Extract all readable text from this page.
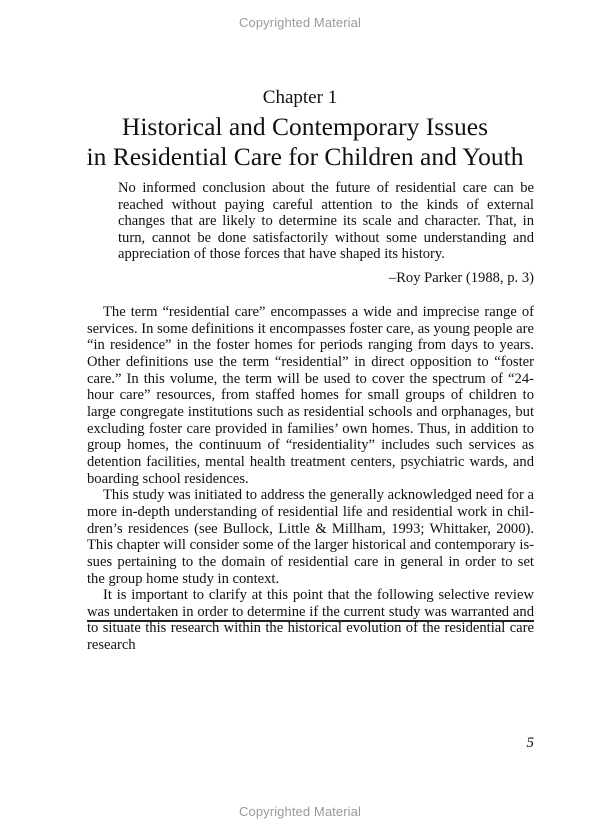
Copyrighted Material
Chapter 1
Historical and Contemporary Issues
in Residential Care for Children and Youth
No informed conclusion about the future of residential care can be reached without paying careful attention to the kinds of external changes that are likely to determine its scale and character. That, in turn, cannot be done satisfactorily without some understanding and appreciation of those forces that have shaped its history.
–Roy Parker (1988, p. 3)

The term “residential care” encompasses a wide and imprecise range of services. In some definitions it encompasses foster care, as young people are “in residence” in the foster homes for periods ranging from days to years. Other definitions use the term “residential” in direct opposition to “foster care.” In this volume, the term will be used to cover the spectrum of “24-hour care” resources, from staffed homes for small groups of children to large congregate institutions such as residential schools and orphanages, but excluding foster care provided in families’ own homes. Thus, in addition to group homes, the continuum of “residentiality” includes such services as detention facilities, mental health treatment centers, psychiatric wards, and boarding school residences.

This study was initiated to address the generally acknowledged need for a more in-depth understanding of residential life and residential work in children’s residences (see Bullock, Little & Millham, 1993; Whittaker, 2000). This chapter will consider some of the larger historical and contemporary issues pertaining to the domain of residential care in general in order to set the group home study in context.

It is important to clarify at this point that the following selective review was undertaken in order to determine if the current study was warranted and to situate this research within the historical evolution of the residential care research

5
Copyrighted Material
